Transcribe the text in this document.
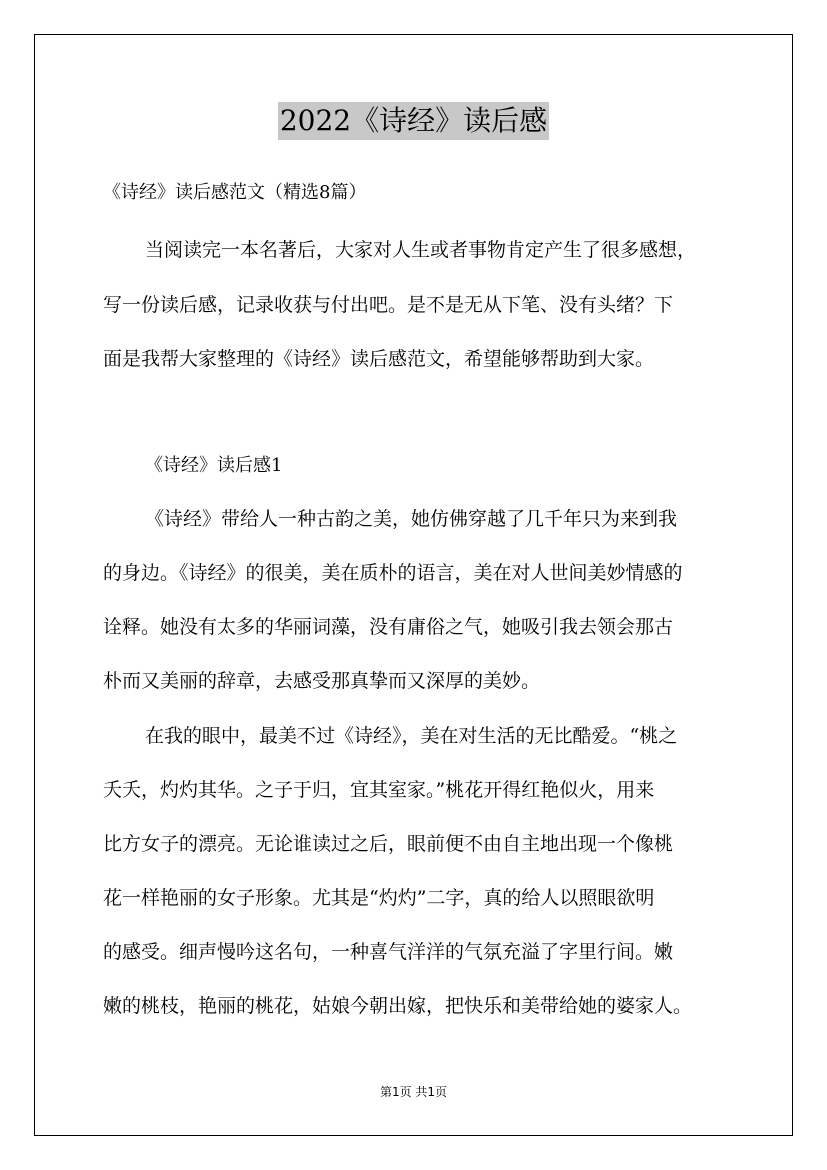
2022《诗经》读后感
《诗经》读后感范文（精选8篇）
当阅读完一本名著后，大家对人生或者事物肯定产生了很多感想，
写一份读后感，记录收获与付出吧。是不是无从下笔、没有头绪？下
面是我帮大家整理的《诗经》读后感范文，希望能够帮助到大家。
《诗经》读后感1
《诗经》带给人一种古韵之美，她仿佛穿越了几千年只为来到我
的身边。《诗经》的很美，美在质朴的语言，美在对人世间美妙情感的
诠释。她没有太多的华丽词藻，没有庸俗之气，她吸引我去领会那古
朴而又美丽的辞章，去感受那真挚而又深厚的美妙。
在我的眼中，最美不过《诗经》，美在对生活的无比酷爱。“桃之
夭夭，灼灼其华。之子于归，宜其室家。”桃花开得红艳似火，用来
比方女子的漂亮。无论谁读过之后，眼前便不由自主地出现一个像桃
花一样艳丽的女子形象。尤其是“灼灼”二字，真的给人以照眼欲明
的感受。细声慢吟这名句，一种喜气洋洋的气氛充溢了字里行间。嫩
嫩的桃枝，艳丽的桃花，姑娘今朝出嫁，把快乐和美带给她的婆家人。
第1页 共1页
